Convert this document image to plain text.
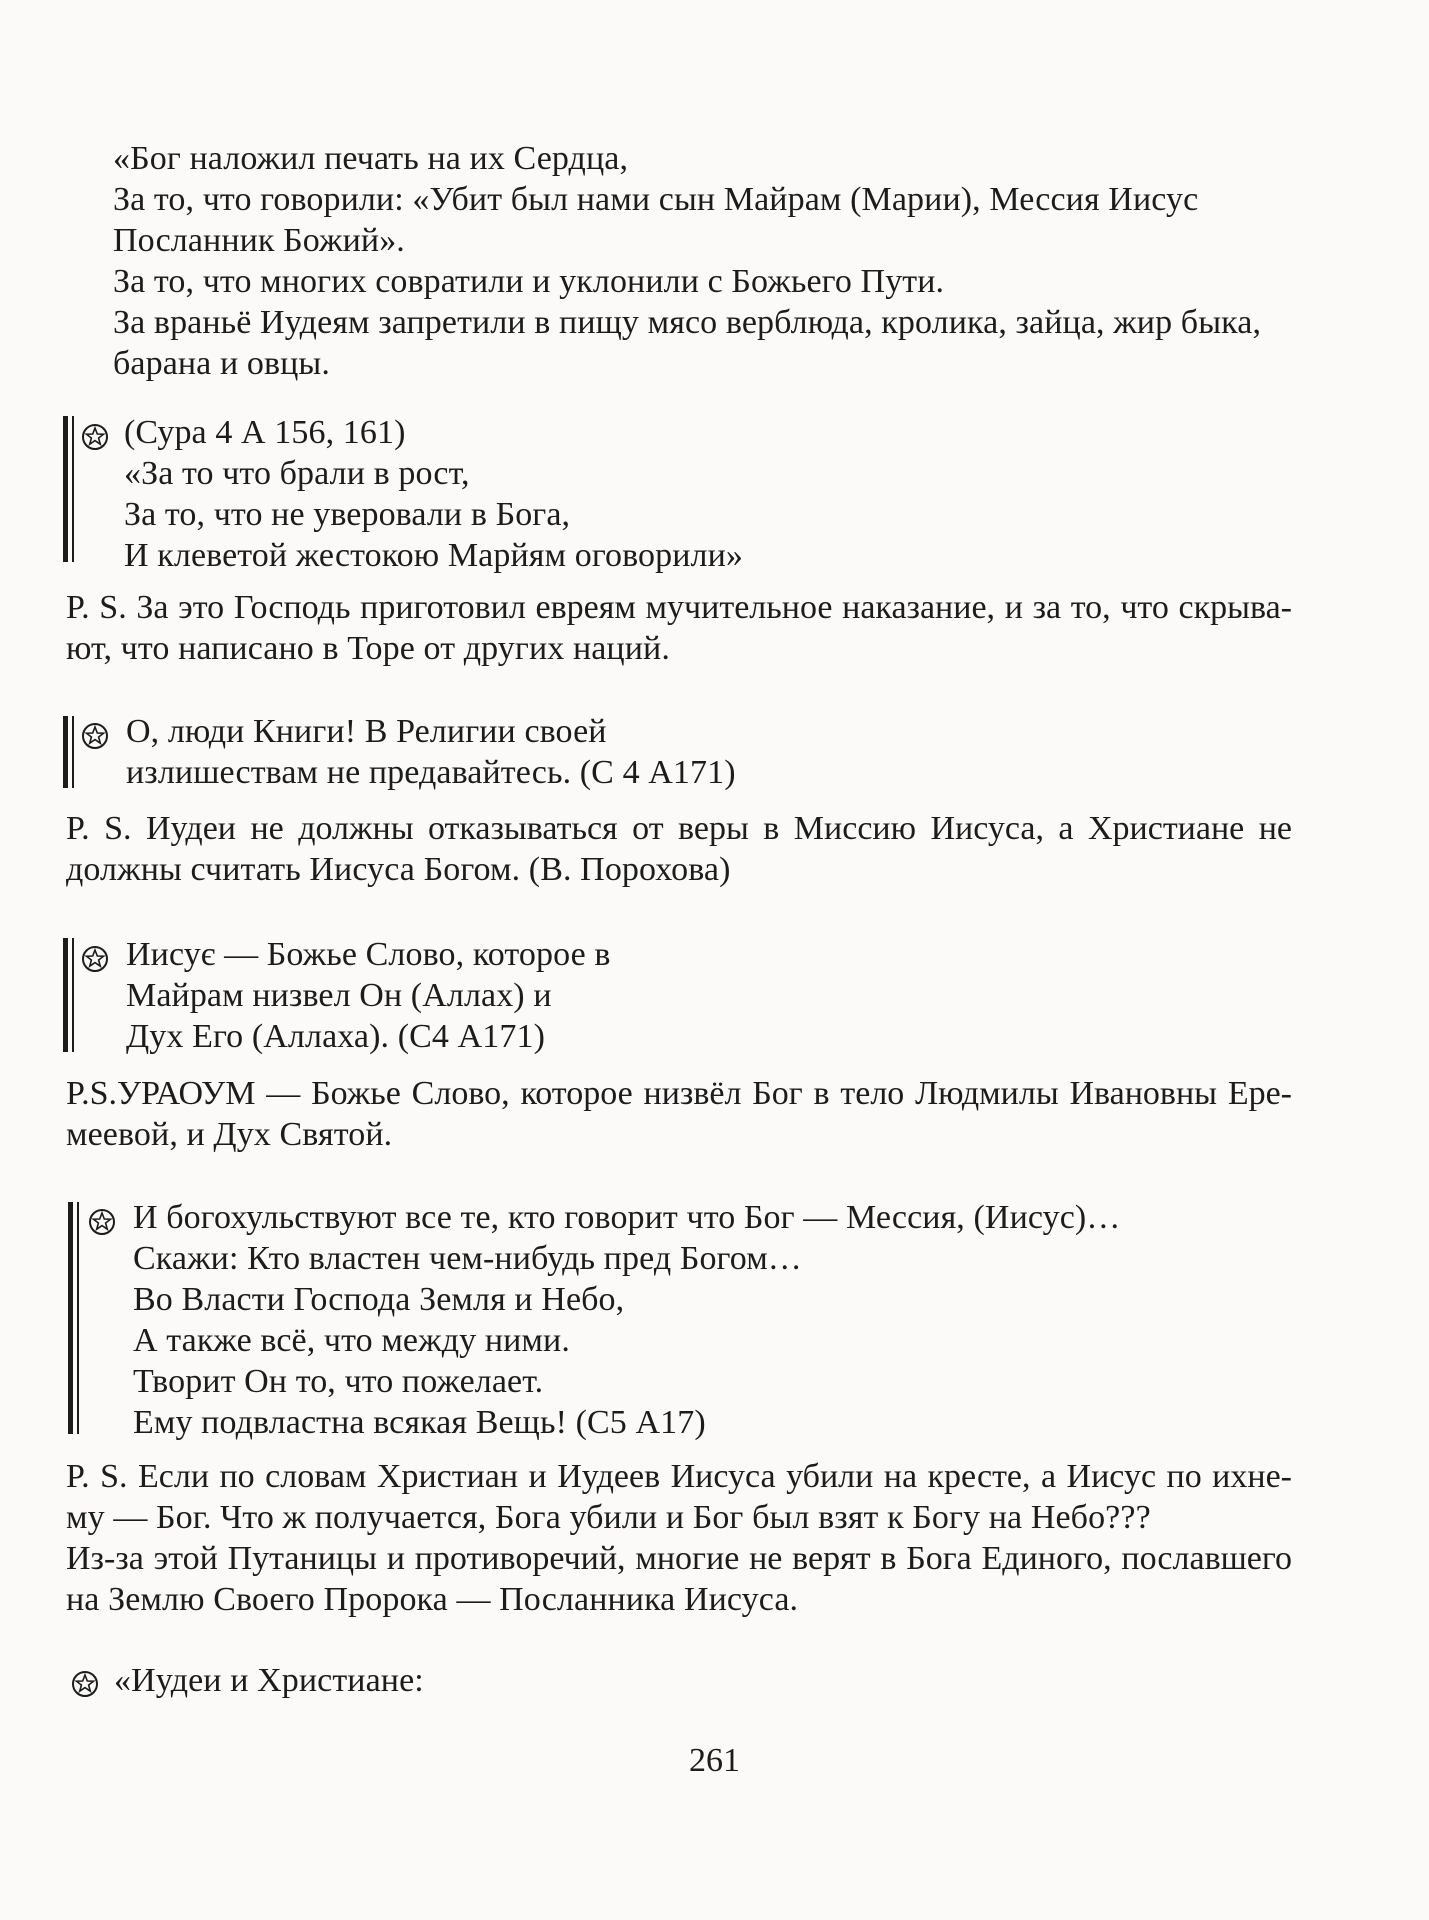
«Бог наложил печать на их Сердца,
За то, что говорили: «Убит был нами сын Майрам (Марии), Мессия Иисус
Посланник Божий».
За то, что многих совратили и уклонили с Божьего Пути.
За враньё Иудеям запретили в пищу мясо верблюда, кролика, зайца, жир быка,
барана и овцы.
(Сура 4 А 156, 161)
«За то что брали в рост,
За то, что не уверовали в Бога,
И клеветой жестокою Марйям оговорили»
P. S. За это Господь приготовил евреям мучительное наказание, и за то, что скрыва-
ют, что написано в Торе от других наций.
О, люди Книги! В Религии своей
излишествам не предавайтесь. (С 4 А171)
P. S. Иудеи не должны отказываться от веры в Миссию Иисуса, а Христиане не
должны считать Иисуса Богом. (В. Порохова)
Иисує — Божье Слово, которое в
Майрам низвел Он (Аллах) и
Дух Его (Аллаха). (С4 А171)
P.S.УРАОУМ — Божье Слово, которое низвёл Бог в тело Людмилы Ивановны Ере-
меевой, и Дух Святой.
И богохульствуют все те, кто говорит что Бог — Мессия, (Иисус)…
Скажи: Кто властен чем-нибудь пред Богом…
Во Власти Господа Земля и Небо,
А также всё, что между ними.
Творит Он то, что пожелает.
Ему подвластна всякая Вещь! (С5 А17)
P. S. Если по словам Христиан и Иудеев Иисуса убили на кресте, а Иисус по ихне-
му — Бог. Что ж получается, Бога убили и Бог был взят к Богу на Небо???
Из-за этой Путаницы и противоречий, многие не верят в Бога Единого, пославшего
на Землю Своего Пророка — Посланника Иисуса.
«Иудеи и Христиане:
261
